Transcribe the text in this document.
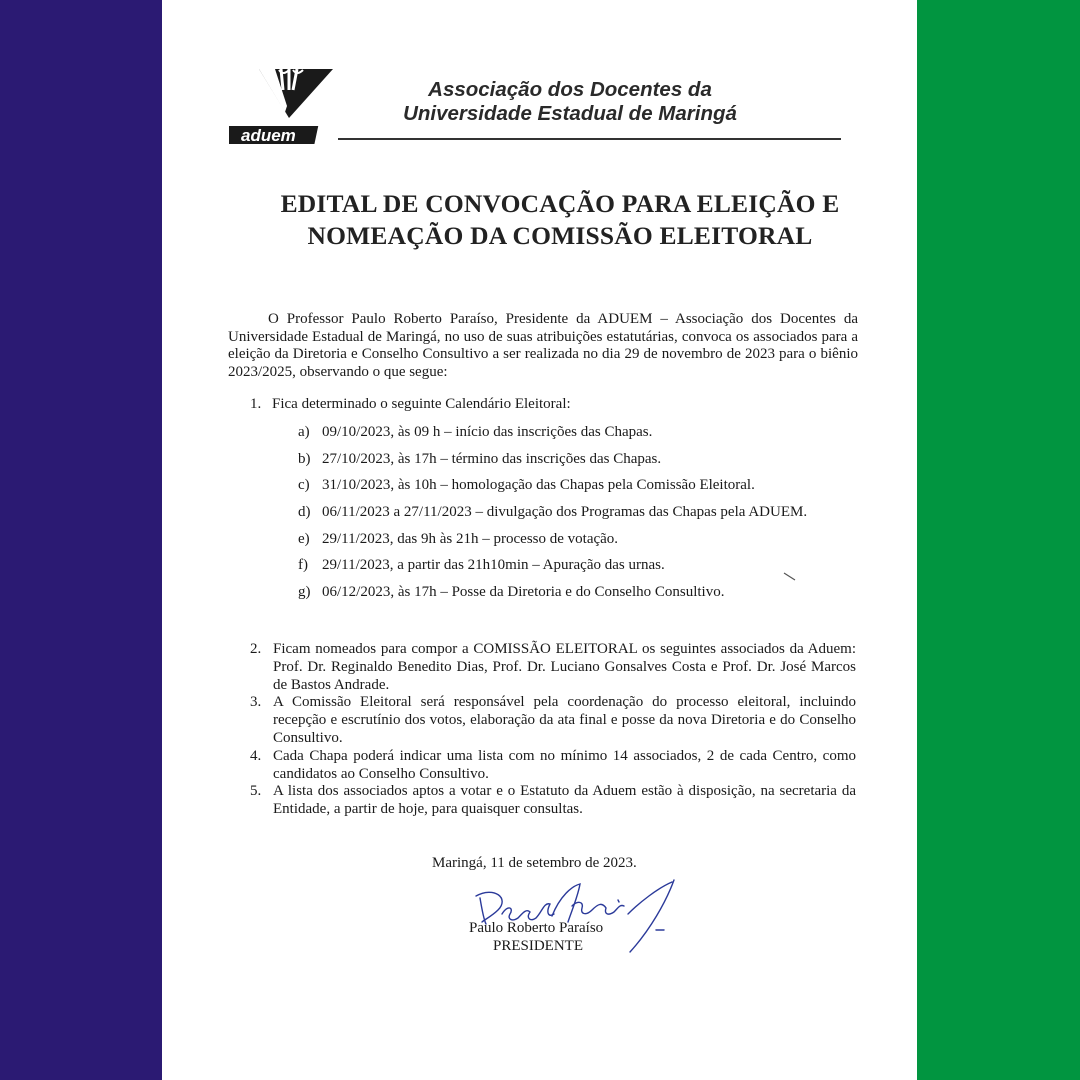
aduem
Associação dos Docentes da
Universidade Estadual de Maringá
EDITAL DE CONVOCAÇÃO PARA ELEIÇÃO E
NOMEAÇÃO DA COMISSÃO ELEITORAL

O Professor Paulo Roberto Paraíso, Presidente da ADUEM – Associação dos Docentes da Universidade Estadual de Maringá, no uso de suas atribuições estatutárias, convoca os associados para a eleição da Diretoria e Conselho Consultivo a ser realizada no dia 29 de novembro de 2023 para o biênio 2023/2025, observando o que segue:

1. Fica determinado o seguinte Calendário Eleitoral:
a) 09/10/2023, às 09 h – início das inscrições das Chapas.
b) 27/10/2023, às 17h – término das inscrições das Chapas.
c) 31/10/2023, às 10h – homologação das Chapas pela Comissão Eleitoral.
d) 06/11/2023 a 27/11/2023 – divulgação dos Programas das Chapas pela ADUEM.
e) 29/11/2023, das 9h às 21h – processo de votação.
f) 29/11/2023, a partir das 21h10min – Apuração das urnas.
g) 06/12/2023, às 17h – Posse da Diretoria e do Conselho Consultivo.
2. Ficam nomeados para compor a COMISSÃO ELEITORAL os seguintes associados da Aduem: Prof. Dr. Reginaldo Benedito Dias, Prof. Dr. Luciano Gonsalves Costa e Prof. Dr. José Marcos de Bastos Andrade.
3. A Comissão Eleitoral será responsável pela coordenação do processo eleitoral, incluindo recepção e escrutínio dos votos, elaboração da ata final e posse da nova Diretoria e do Conselho Consultivo.
4. Cada Chapa poderá indicar uma lista com no mínimo 14 associados, 2 de cada Centro, como candidatos ao Conselho Consultivo.
5. A lista dos associados aptos a votar e o Estatuto da Aduem estão à disposição, na secretaria da Entidade, a partir de hoje, para quaisquer consultas.
Maringá, 11 de setembro de 2023.
Paulo Roberto Paraíso
PRESIDENTE
